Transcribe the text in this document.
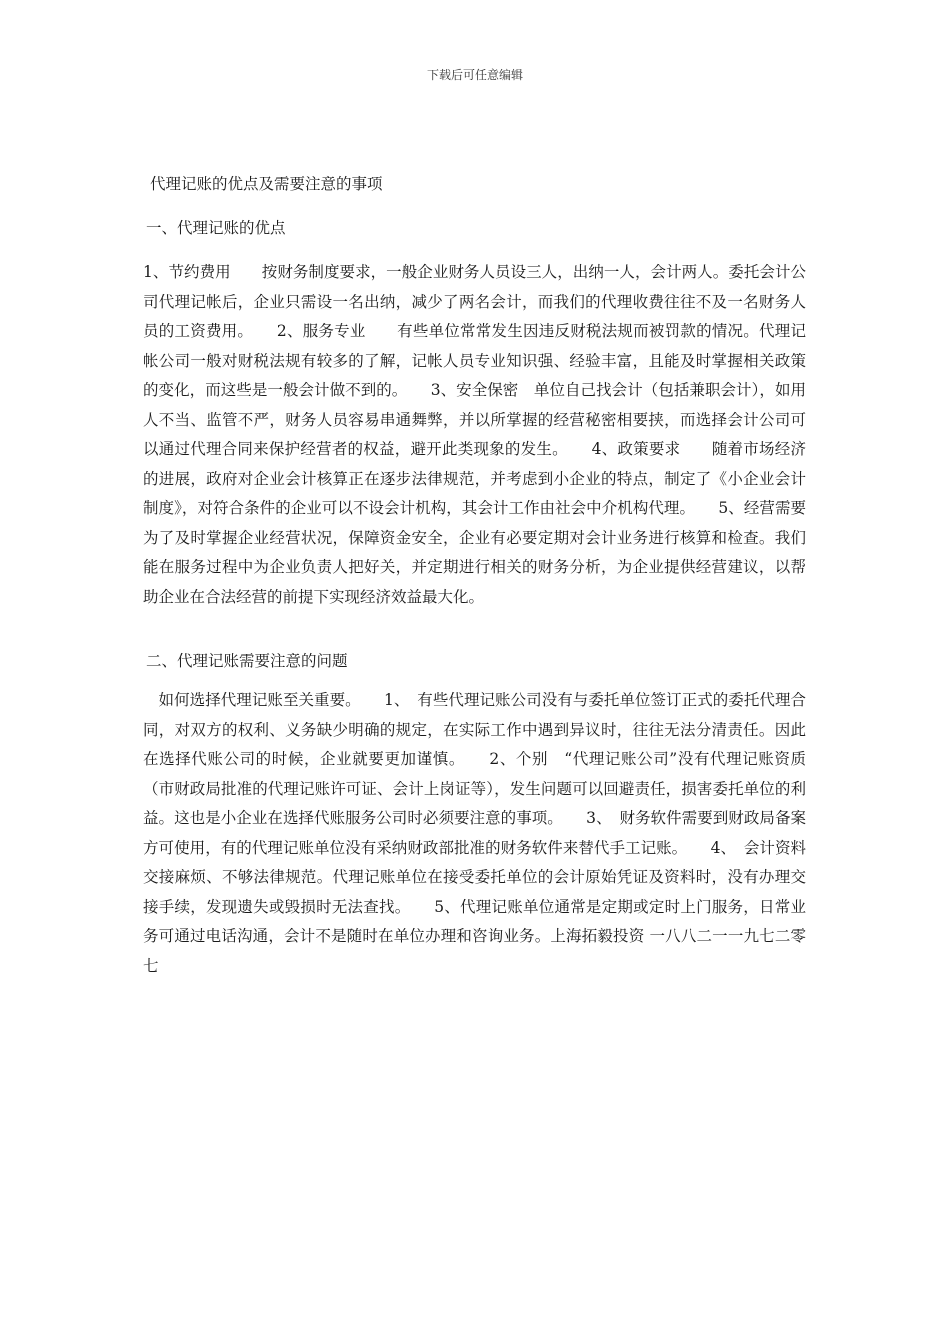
下载后可任意编辑
代理记账的优点及需要注意的事项
一、代理记账的优点
1、节约费用　　按财务制度要求，一般企业财务人员设三人，出纳一人，会计两人。委托会计公司代理记帐后，企业只需设一名出纳，减少了两名会计，而我们的代理收费往往不及一名财务人员的工资费用。　　2、服务专业　　有些单位常常发生因违反财税法规而被罚款的情况。代理记帐公司一般对财税法规有较多的了解，记帐人员专业知识强、经验丰富，且能及时掌握相关政策的变化，而这些是一般会计做不到的。　　3、安全保密　单位自己找会计（包括兼职会计），如用人不当、监管不严，财务人员容易串通舞弊，并以所掌握的经营秘密相要挟，而选择会计公司可以通过代理合同来保护经营者的权益，避开此类现象的发生。　　4、政策要求　　随着市场经济的进展，政府对企业会计核算正在逐步法律规范，并考虑到小企业的特点，制定了《小企业会计制度》，对符合条件的企业可以不设会计机构，其会计工作由社会中介机构代理。　　5、经营需要　　为了及时掌握企业经营状况，保障资金安全，企业有必要定期对会计业务进行核算和检查。我们能在服务过程中为企业负责人把好关，并定期进行相关的财务分析，为企业提供经营建议，以帮助企业在合法经营的前提下实现经济效益最大化。
二、代理记账需要注意的问题
　如何选择代理记账至关重要。　　1、　有些代理记账公司没有与委托单位签订正式的委托代理合同，对双方的权利、义务缺少明确的规定，在实际工作中遇到异议时，往往无法分清责任。因此在选择代账公司的时候，企业就要更加谨慎。　　2、个别　“代理记账公司”没有代理记账资质（市财政局批准的代理记账许可证、会计上岗证等），发生问题可以回避责任，损害委托单位的利益。这也是小企业在选择代账服务公司时必须要注意的事项。　　3、　财务软件需要到财政局备案方可使用，有的代理记账单位没有采纳财政部批准的财务软件来替代手工记账。　　4、　会计资料交接麻烦、不够法律规范。代理记账单位在接受委托单位的会计原始凭证及资料时，没有办理交接手续，发现遗失或毁损时无法查找。　　5、代理记账单位通常是定期或定时上门服务，日常业务可通过电话沟通，会计不是随时在单位办理和咨询业务。上海拓毅投资 一八八二一一九七二零七
